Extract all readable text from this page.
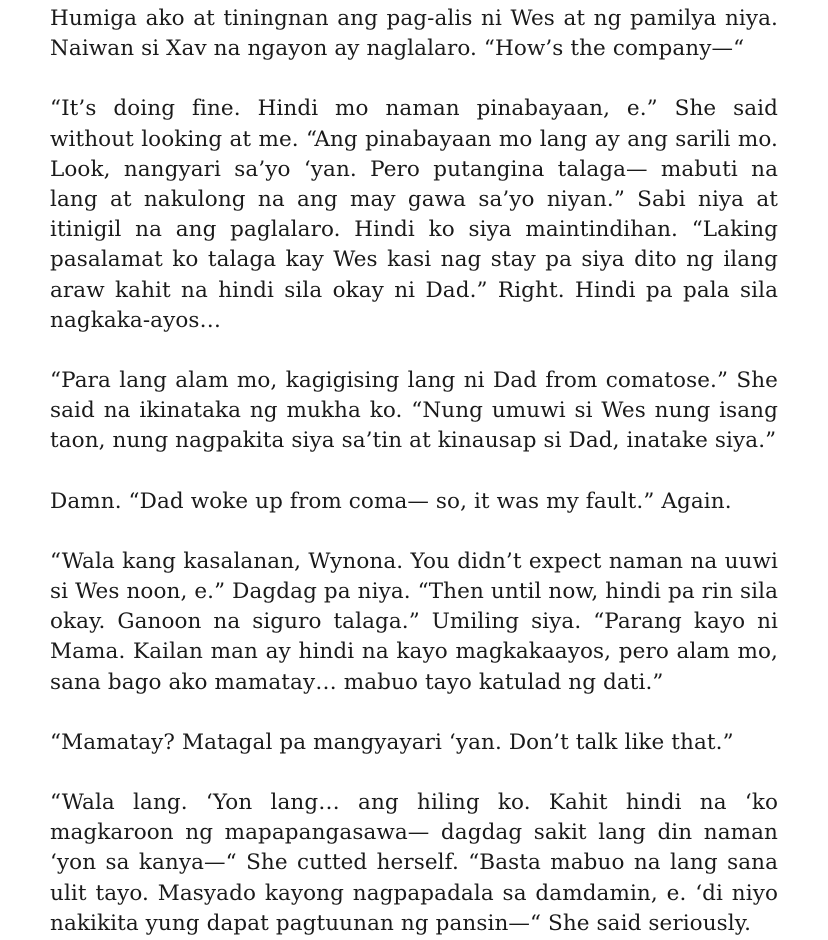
Humiga ako at tiningnan ang pag-alis ni Wes at ng pamilya niya. Naiwan si Xav na ngayon ay naglalaro. “How’s the company—“

“It’s doing fine. Hindi mo naman pinabayaan, e.” She said without looking at me. “Ang pinabayaan mo lang ay ang sarili mo. Look, nangyari sa’yo ‘yan. Pero putangina talaga— mabuti na lang at nakulong na ang may gawa sa’yo niyan.” Sabi niya at itinigil na ang paglalaro. Hindi ko siya maintindihan. “Laking pasalamat ko talaga kay Wes kasi nag stay pa siya dito ng ilang araw kahit na hindi sila okay ni Dad.” Right. Hindi pa pala sila nagkaka-ayos…

“Para lang alam mo, kagigising lang ni Dad from comatose.” She said na ikinataka ng mukha ko. “Nung umuwi si Wes nung isang taon, nung nagpakita siya sa’tin at kinausap si Dad, inatake siya.”

Damn. “Dad woke up from coma— so, it was my fault.” Again.

“Wala kang kasalanan, Wynona. You didn’t expect naman na uuwi si Wes noon, e.” Dagdag pa niya. “Then until now, hindi pa rin sila okay. Ganoon na siguro talaga.” Umiling siya. “Parang kayo ni Mama. Kailan man ay hindi na kayo magkakaayos, pero alam mo, sana bago ako mamatay… mabuo tayo katulad ng dati.”

“Mamatay? Matagal pa mangyayari ‘yan. Don’t talk like that.”

“Wala lang. ‘Yon lang… ang hiling ko. Kahit hindi na ‘ko magkaroon ng mapapangasawa— dagdag sakit lang din naman ‘yon sa kanya—“ She cutted herself. “Basta mabuo na lang sana ulit tayo. Masyado kayong nagpapadala sa damdamin, e. ‘di niyo nakikita yung dapat pagtuunan ng pansin—“ She said seriously.
